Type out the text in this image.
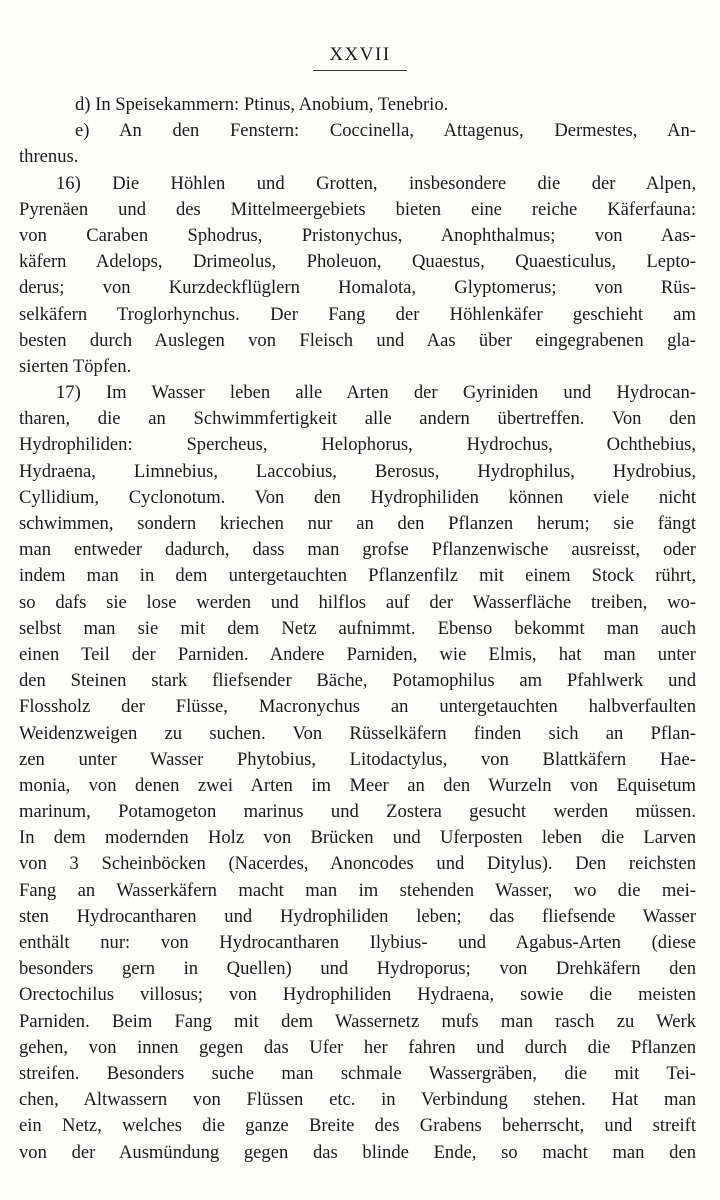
XXVII
d) In Speisekammern: Ptinus, Anobium, Tenebrio.
e) An den Fenstern: Coccinella, Attagenus, Dermestes, An-
threnus.
16) Die Höhlen und Grotten, insbesondere die der Alpen,
Pyrenäen und des Mittelmeergebiets bieten eine reiche Käferfauna:
von Caraben Sphodrus, Pristonychus, Anophthalmus; von Aas-
käfern Adelops, Drimeolus, Pholeuon, Quaestus, Quaesticulus, Lepto-
derus; von Kurzdeckflüglern Homalota, Glyptomerus; von Rüs-
selkäfern Troglorhynchus. Der Fang der Höhlenkäfer geschieht am
besten durch Auslegen von Fleisch und Aas über eingegrabenen gla-
sierten Töpfen.
17) Im Wasser leben alle Arten der Gyriniden und Hydrocan-
tharen, die an Schwimmfertigkeit alle andern übertreffen. Von den
Hydrophiliden: Spercheus, Helophorus, Hydrochus, Ochthebius,
Hydraena, Limnebius, Laccobius, Berosus, Hydrophilus, Hydrobius,
Cyllidium, Cyclonotum. Von den Hydrophiliden können viele nicht
schwimmen, sondern kriechen nur an den Pflanzen herum; sie fängt
man entweder dadurch, dass man grofse Pflanzenwische ausreisst, oder
indem man in dem untergetauchten Pflanzenfilz mit einem Stock rührt,
so dafs sie lose werden und hilflos auf der Wasserfläche treiben, wo-
selbst man sie mit dem Netz aufnimmt. Ebenso bekommt man auch
einen Teil der Parniden. Andere Parniden, wie Elmis, hat man unter
den Steinen stark fliefsender Bäche, Potamophilus am Pfahlwerk und
Flossholz der Flüsse, Macronychus an untergetauchten halbverfaulten
Weidenzweigen zu suchen. Von Rüsselkäfern finden sich an Pflan-
zen unter Wasser Phytobius, Litodactylus, von Blattkäfern Hae-
monia, von denen zwei Arten im Meer an den Wurzeln von Equisetum
marinum, Potamogeton marinus und Zostera gesucht werden müssen.
In dem modernden Holz von Brücken und Uferposten leben die Larven
von 3 Scheinböcken (Nacerdes, Anoncodes und Ditylus). Den reichsten
Fang an Wasserkäfern macht man im stehenden Wasser, wo die mei-
sten Hydrocantharen und Hydrophiliden leben; das fliefsende Wasser
enthält nur: von Hydrocantharen Ilybius- und Agabus-Arten (diese
besonders gern in Quellen) und Hydroporus; von Drehkäfern den
Orectochilus villosus; von Hydrophiliden Hydraena, sowie die meisten
Parniden. Beim Fang mit dem Wassernetz mufs man rasch zu Werk
gehen, von innen gegen das Ufer her fahren und durch die Pflanzen
streifen. Besonders suche man schmale Wassergräben, die mit Tei-
chen, Altwassern von Flüssen etc. in Verbindung stehen. Hat man
ein Netz, welches die ganze Breite des Grabens beherrscht, und streift
von der Ausmündung gegen das blinde Ende, so macht man den
